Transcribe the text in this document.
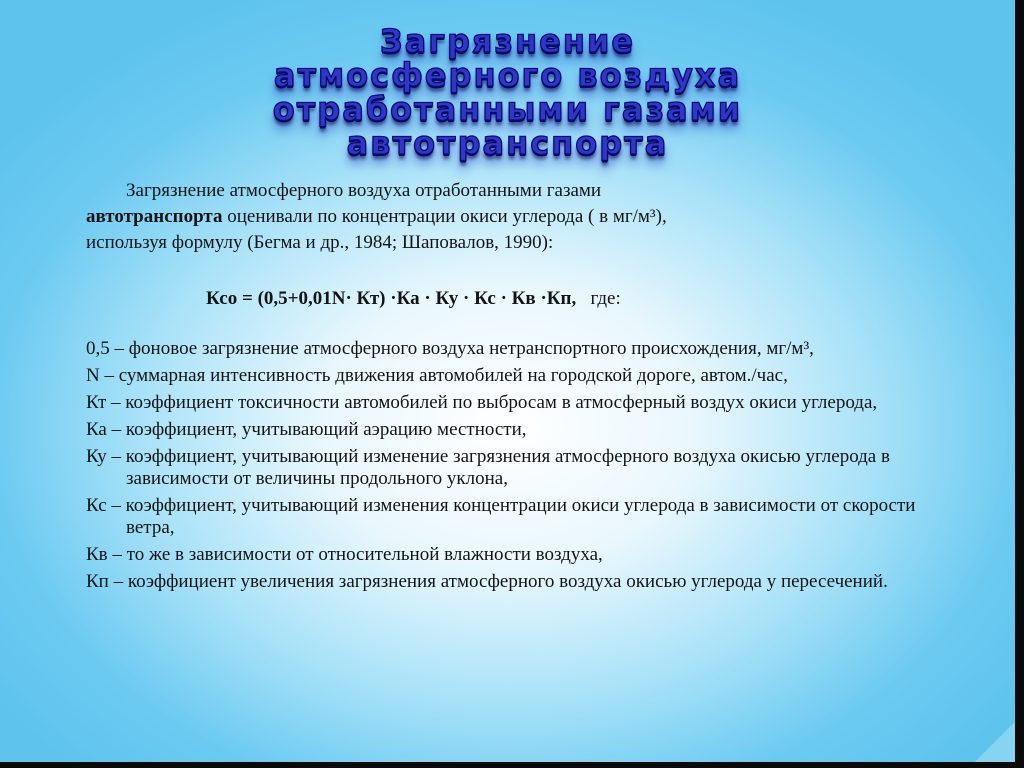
Загрязнение
атмосферного воздуха
отработанными газами
автотранспорта

Загрязнение атмосферного воздуха отработанными газами

автотранспорта оценивали по концентрации окиси углерода ( в мг/м³),

используя формулу (Бегма и др., 1984; Шаповалов, 1990):

Ксо = (0,5+0,01N· Кт) ·Ка · Ку · Кс · Кв ·Кп, где:

0,5 – фоновое загрязнение атмосферного воздуха нетранспортного происхождения, мг/м³,
N – суммарная интенсивность движения автомобилей на городской дороге, автом./час,
Кт – коэффициент токсичности автомобилей по выбросам в атмосферный воздух окиси углерода,
Ка – коэффициент, учитывающий аэрацию местности,
Ку – коэффициент, учитывающий изменение загрязнения атмосферного воздуха окисью углерода в зависимости от величины продольного уклона,
Кс – коэффициент, учитывающий изменения концентрации окиси углерода в зависимости от скорости ветра,
Кв – то же в зависимости от относительной влажности воздуха,
Кп – коэффициент увеличения загрязнения атмосферного воздуха окисью углерода у пересечений.
